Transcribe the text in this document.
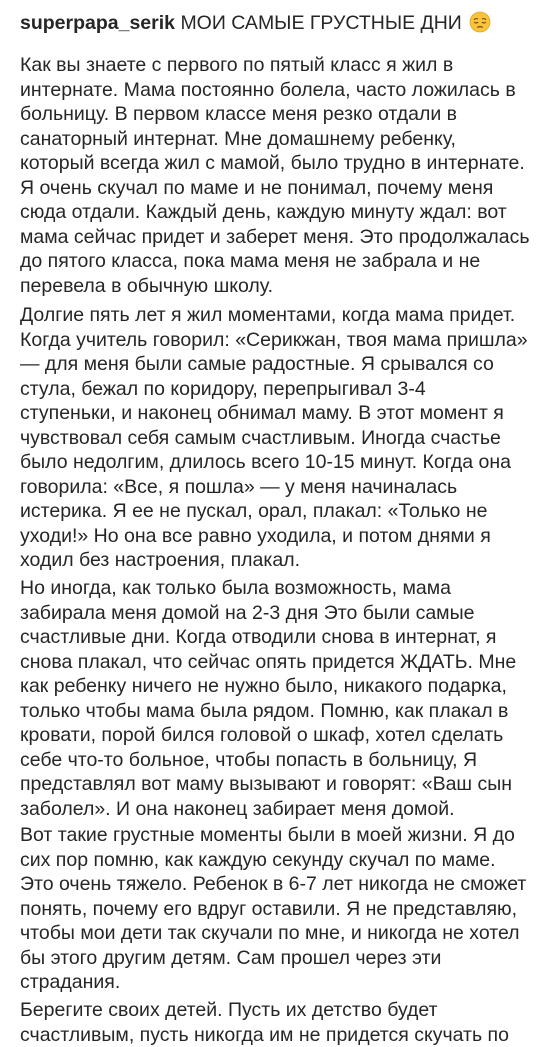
superpapa_serik МОИ САМЫЕ ГРУСТНЫЕ ДНИ
Как вы знаете с первого по пятый класс я жил в
интернате. Мама постоянно болела, часто ложилась в
больницу. В первом классе меня резко отдали в
санаторный интернат. Мне домашнему ребенку,
который всегда жил с мамой, было трудно в интернате.
Я очень скучал по маме и не понимал, почему меня
сюда отдали. Каждый день, каждую минуту ждал: вот
мама сейчас придет и заберет меня. Это продолжалась
до пятого класса, пока мама меня не забрала и не
перевела в обычную школу.
Долгие пять лет я жил моментами, когда мама придет.
Когда учитель говорил: «Серикжан, твоя мама пришла»
— для меня были самые радостные. Я срывался со
стула, бежал по коридору, перепрыгивал 3-4
ступеньки, и наконец обнимал маму. В этот момент я
чувствовал себя самым счастливым. Иногда счастье
было недолгим, длилось всего 10-15 минут. Когда она
говорила: «Все, я пошла» — у меня начиналась
истерика. Я ее не пускал, орал, плакал: «Только не
уходи!» Но она все равно уходила, и потом днями я
ходил без настроения, плакал.
Но иногда, как только была возможность, мама
забирала меня домой на 2-3 дня Это были самые
счастливые дни. Когда отводили снова в интернат, я
снова плакал, что сейчас опять придется ЖДАТЬ. Мне
как ребенку ничего не нужно было, никакого подарка,
только чтобы мама была рядом. Помню, как плакал в
кровати, порой бился головой о шкаф, хотел сделать
себе что-то больное, чтобы попасть в больницу, Я
представлял вот маму вызывают и говорят: «Ваш сын
заболел». И она наконец забирает меня домой.
Вот такие грустные моменты были в моей жизни. Я до
сих пор помню, как каждую секунду скучал по маме.
Это очень тяжело. Ребенок в 6-7 лет никогда не сможет
понять, почему его вдруг оставили. Я не представляю,
чтобы мои дети так скучали по мне, и никогда не хотел
бы этого другим детям. Сам прошел через эти
страдания.
Берегите своих детей. Пусть их детство будет
счастливым, пусть никогда им не придется скучать по
